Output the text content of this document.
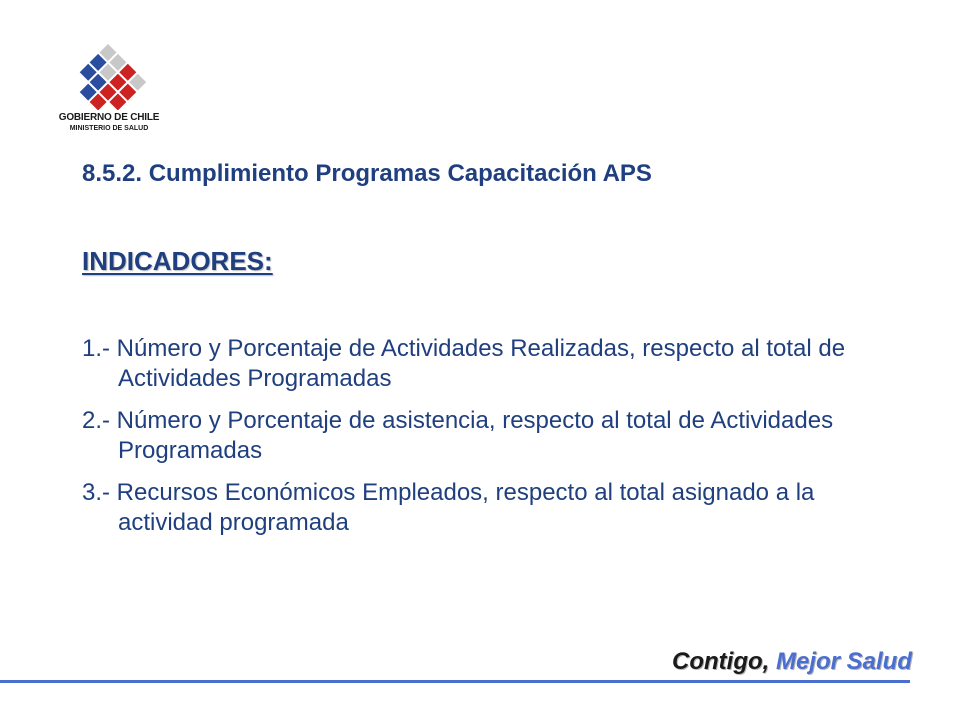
GOBIERNO DE CHILE
MINISTERIO DE SALUD
8.5.2. Cumplimiento Programas Capacitación APS
INDICADORES:
1.- Número y Porcentaje de Actividades Realizadas, respecto al total de Actividades Programadas
2.- Número y Porcentaje de asistencia, respecto al total de Actividades Programadas
3.- Recursos Económicos Empleados, respecto al total asignado a la actividad programada
Contigo, Mejor Salud
